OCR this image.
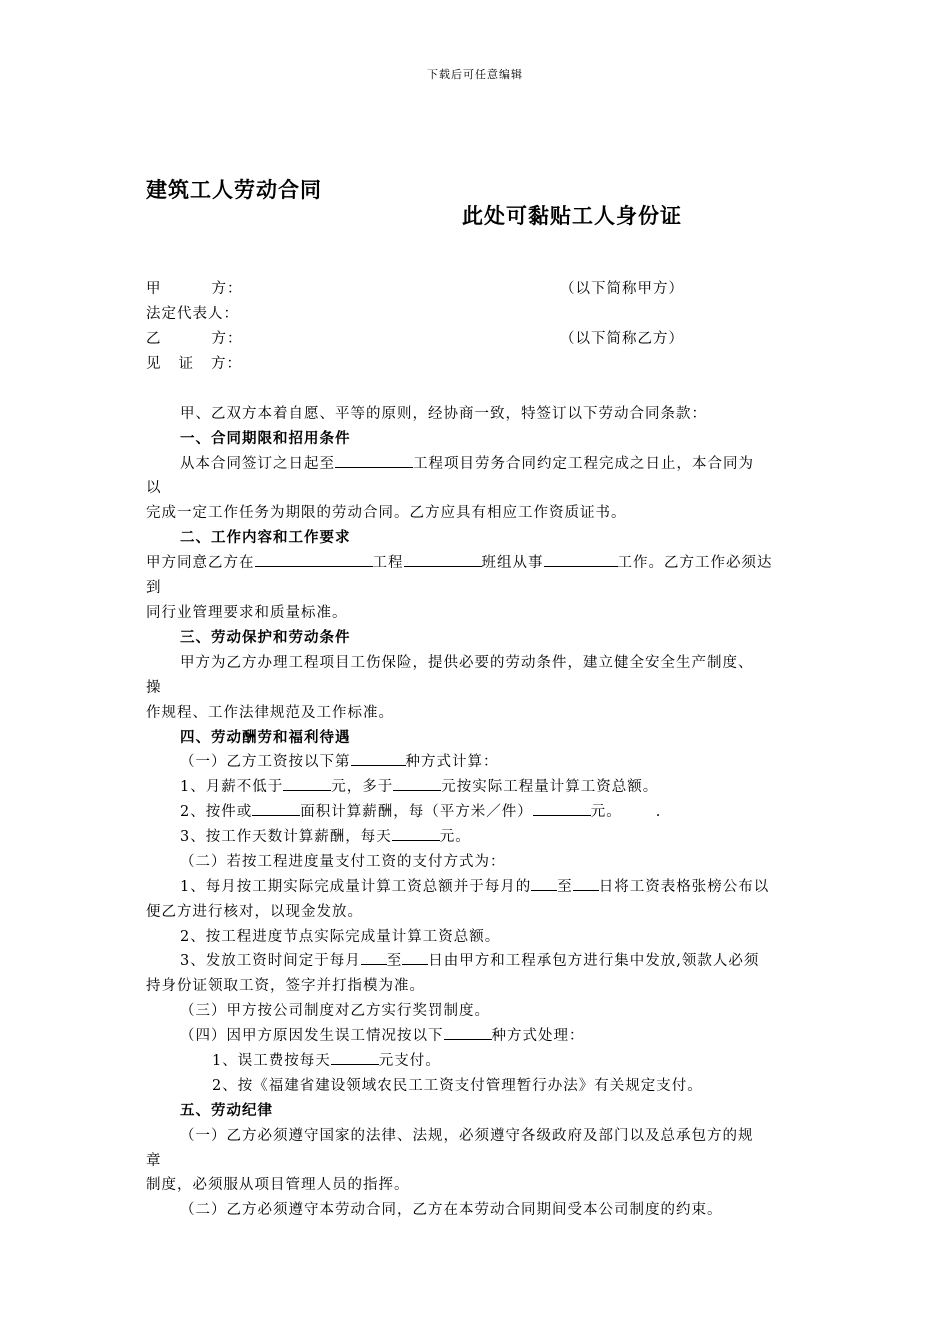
下载后可任意编辑
建筑工人劳动合同
此处可黏贴工人身份证
甲	方：	（以下简称甲方）
法定代表人：
乙	方：	（以下简称乙方）
见 证 方：
甲、乙双方本着自愿、平等的原则，经协商一致，特签订以下劳动合同条款：
一、合同期限和招用条件
从本合同签订之日起至	工程项目劳务合同约定工程完成之日止，本合同为
以
完成一定工作任务为期限的劳动合同。乙方应具有相应工作资质证书。
二、工作内容和工作要求
甲方同意乙方在	工程	班组从事	工作。乙方工作必须达
到
同行业管理要求和质量标准。
三、劳动保护和劳动条件
甲方为乙方办理工程项目工伤保险，提供必要的劳动条件，建立健全安全生产制度、
操
作规程、工作法律规范及工作标准。
四、劳动酬劳和福利待遇
（一）乙方工资按以下第	种方式计算：
1、月薪不低于	元，多于	元按实际工程量计算工资总额。
2、按件或	面积计算薪酬，每（平方米／件）	元。 .
3、按工作天数计算薪酬，每天	元。
（二）若按工程进度量支付工资的支付方式为：
1、每月按工期实际完成量计算工资总额并于每月的 至 日将工资表格张榜公布以
便乙方进行核对，以现金发放。
2、按工程进度节点实际完成量计算工资总额。
3、发放工资时间定于每月 至 日由甲方和工程承包方进行集中发放,领款人必须
持身份证领取工资，签字并打指模为准。
（三）甲方按公司制度对乙方实行奖罚制度。
（四）因甲方原因发生误工情况按以下	种方式处理：
1、误工费按每天	元支付。
2、按《福建省建设领域农民工工资支付管理暂行办法》有关规定支付。
五、劳动纪律
（一）乙方必须遵守国家的法律、法规，必须遵守各级政府及部门以及总承包方的规
章
制度，必须服从项目管理人员的指挥。
（二）乙方必须遵守本劳动合同，乙方在本劳动合同期间受本公司制度的约束。
